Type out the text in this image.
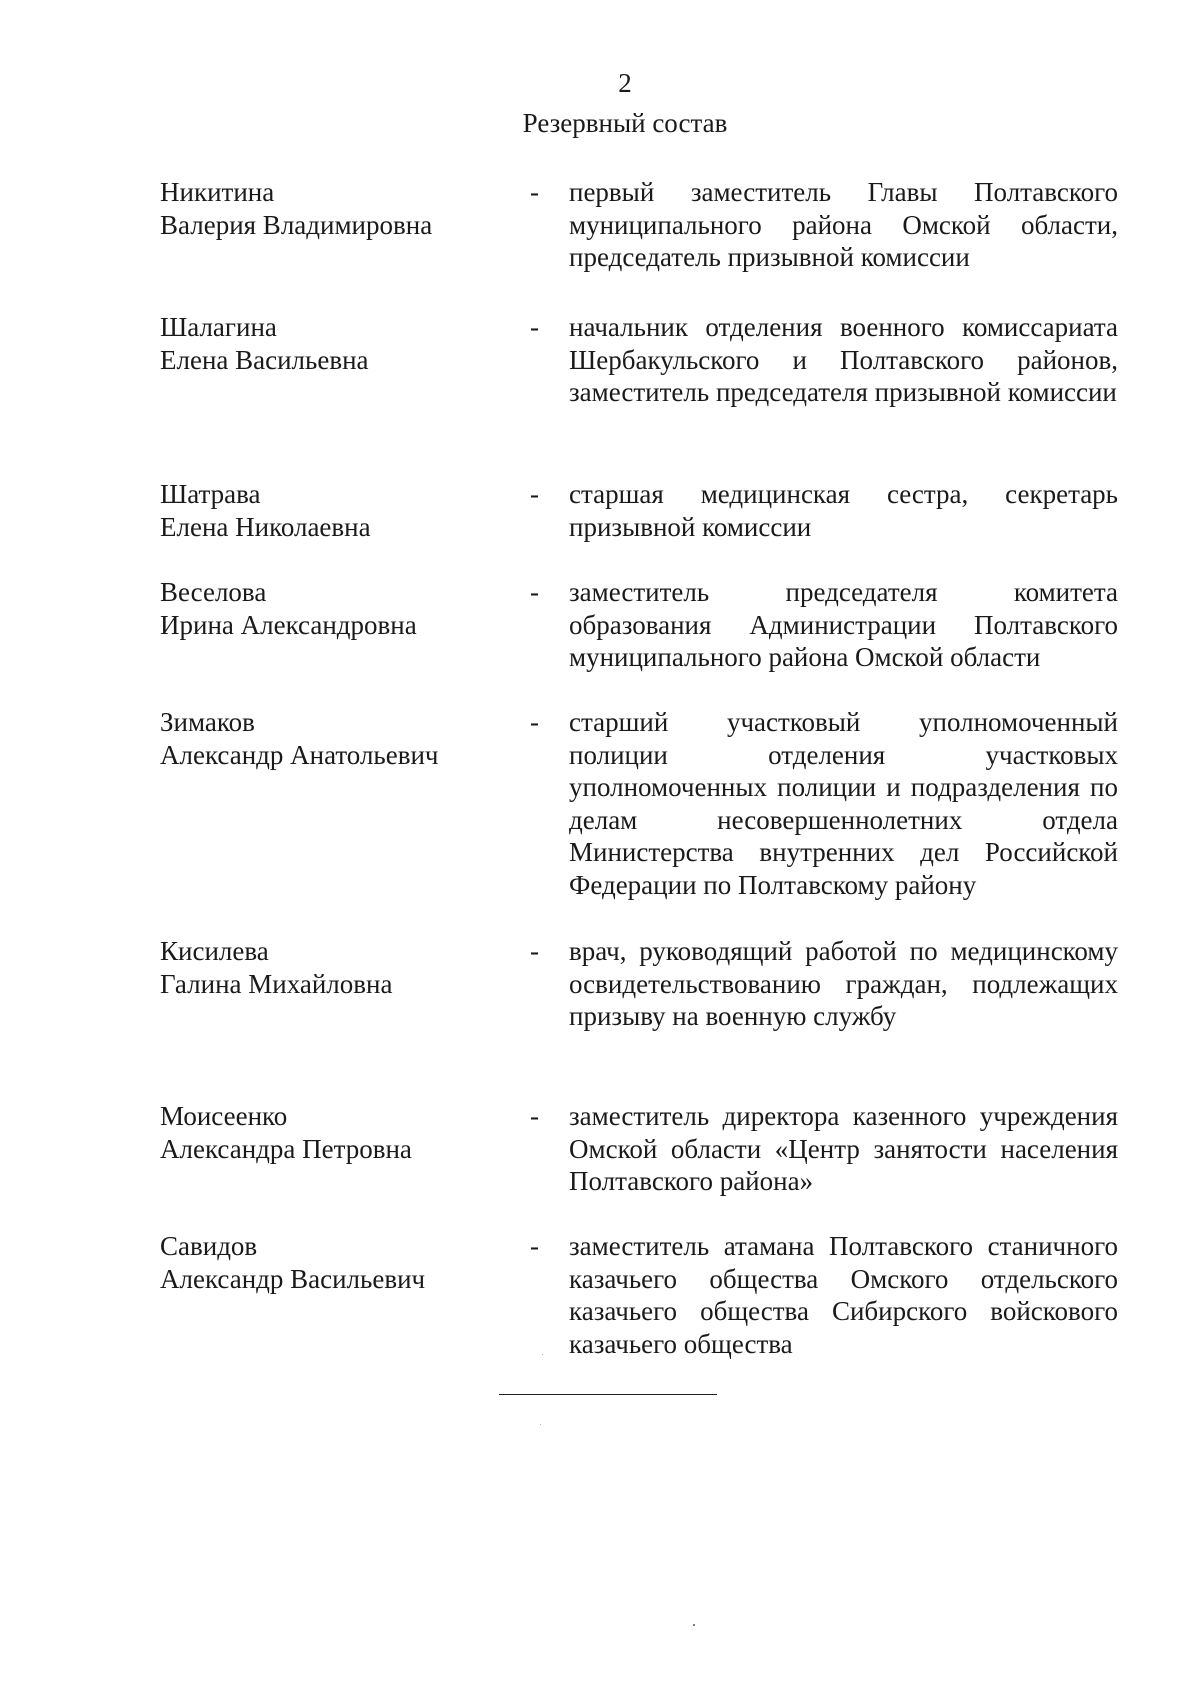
2
Резервный состав
Никитина
Валерия Владимировна
- первый заместитель Главы Полтавского муниципального района Омской области, председатель призывной комиссии
Шалагина
Елена Васильевна
- начальник отделения военного комиссариата Шербакульского и Полтавского районов, заместитель председателя призывной комиссии
Шатрава
Елена Николаевна
- старшая медицинская сестра, секретарь призывной комиссии
Веселова
Ирина Александровна
- заместитель председателя комитета образования Администрации Полтавского муниципального района Омской области
Зимаков
Александр Анатольевич
- старший участковый уполномоченный полиции отделения участковых уполномоченных полиции и подразделения по делам несовершеннолетних отдела Министерства внутренних дел Российской Федерации по Полтавскому району
Кисилева
Галина Михайловна
- врач, руководящий работой по медицинскому освидетельствованию граждан, подлежащих призыву на военную службу
Моисеенко
Александра Петровна
- заместитель директора казенного учреждения Омской области «Центр занятости населения Полтавского района»
Савидов
Александр Васильевич
- заместитель атамана Полтавского станичного казачьего общества Омского отдельского казачьего общества Сибирского войскового казачьего общества
